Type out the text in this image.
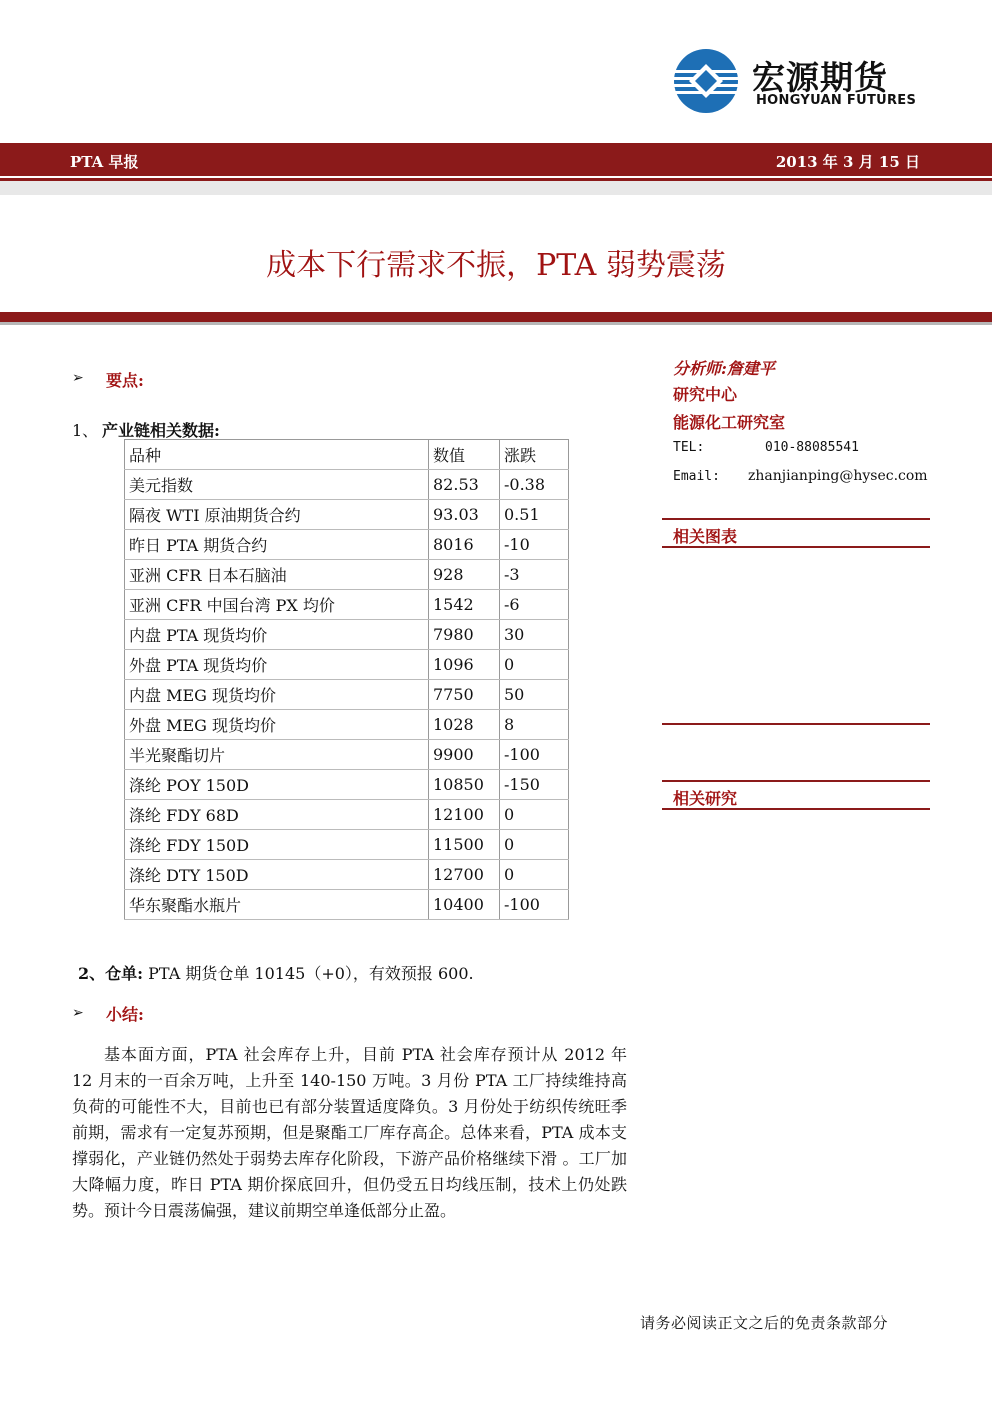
宏源期货
HONGYUAN FUTURES
PTA 早报	2013 年 3 月 15 日
成本下行需求不振，PTA 弱势震荡
➢ 要点:
1、 产业链相关数据:
品种	数值	涨跌
美元指数	82.53	-0.38
隔夜 WTI 原油期货合约	93.03	0.51
昨日 PTA 期货合约	8016	-10
亚洲 CFR 日本石脑油	928	-3
亚洲 CFR 中国台湾 PX 均价	1542	-6
内盘 PTA 现货均价	7980	30
外盘 PTA 现货均价	1096	0
内盘 MEG 现货均价	7750	50
外盘 MEG 现货均价	1028	8
半光聚酯切片	9900	-100
涤纶 POY 150D	10850	-150
涤纶 FDY 68D	12100	0
涤纶 FDY 150D	11500	0
涤纶 DTY 150D	12700	0
华东聚酯水瓶片	10400	-100
2、仓单: PTA 期货仓单 10145（+0），有效预报 600.
➢ 小结:

基本面方面，PTA 社会库存上升，目前 PTA 社会库存预计从 2012 年 12 月末的一百余万吨，上升至 140-150 万吨。3 月份 PTA 工厂持续维持高负荷的可能性不大，目前也已有部分装置适度降负。3 月份处于纺织传统旺季前期，需求有一定复苏预期，但是聚酯工厂库存高企。总体来看，PTA 成本支撑弱化，产业链仍然处于弱势去库存化阶段，下游产品价格继续下滑 。工厂加大降幅力度，昨日 PTA 期价探底回升，但仍受五日均线压制，技术上仍处跌势。预计今日震荡偏强，建议前期空单逢低部分止盈。

分析师:詹建平
研究中心
能源化工研究室
TEL:	010-88085541
Email: zhanjianping@hysec.com
相关图表
相关研究
请务必阅读正文之后的免责条款部分
